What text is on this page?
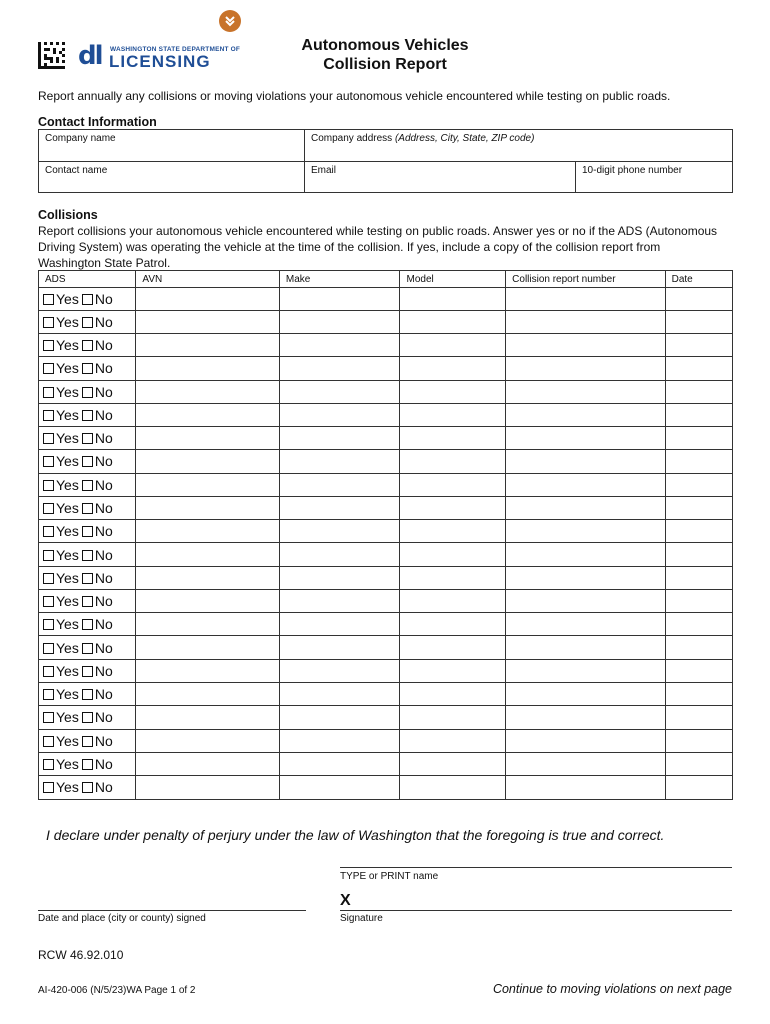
dl WASHINGTON STATE DEPARTMENT OF
LICENSING
Autonomous Vehicles
Collision Report
Report annually any collisions or moving violations your autonomous vehicle encountered while testing on public roads.
Contact Information
Company name	Company address (Address, City, State, ZIP code)
Contact name	Email	10-digit phone number
Collisions
Report collisions your autonomous vehicle encountered while testing on public roads. Answer yes or no if the ADS (Autonomous Driving System) was operating the vehicle at the time of the collision. If yes, include a copy of the collision report from Washington State Patrol.
ADS	AVN	Make	Model	Collision report number	Date
Yes No					
Yes No					
Yes No					
Yes No					
Yes No					
Yes No					
Yes No					
Yes No					
Yes No					
Yes No					
Yes No					
Yes No					
Yes No					
Yes No					
Yes No					
Yes No					
Yes No					
Yes No					
Yes No					
Yes No					
Yes No					
Yes No					
I declare under penalty of perjury under the law of Washington that the foregoing is true and correct.
TYPE or PRINT name
X
Signature
Date and place (city or county) signed
RCW 46.92.010
AI-420-006 (N/5/23)WA Page 1 of 2	Continue to moving violations on next page
